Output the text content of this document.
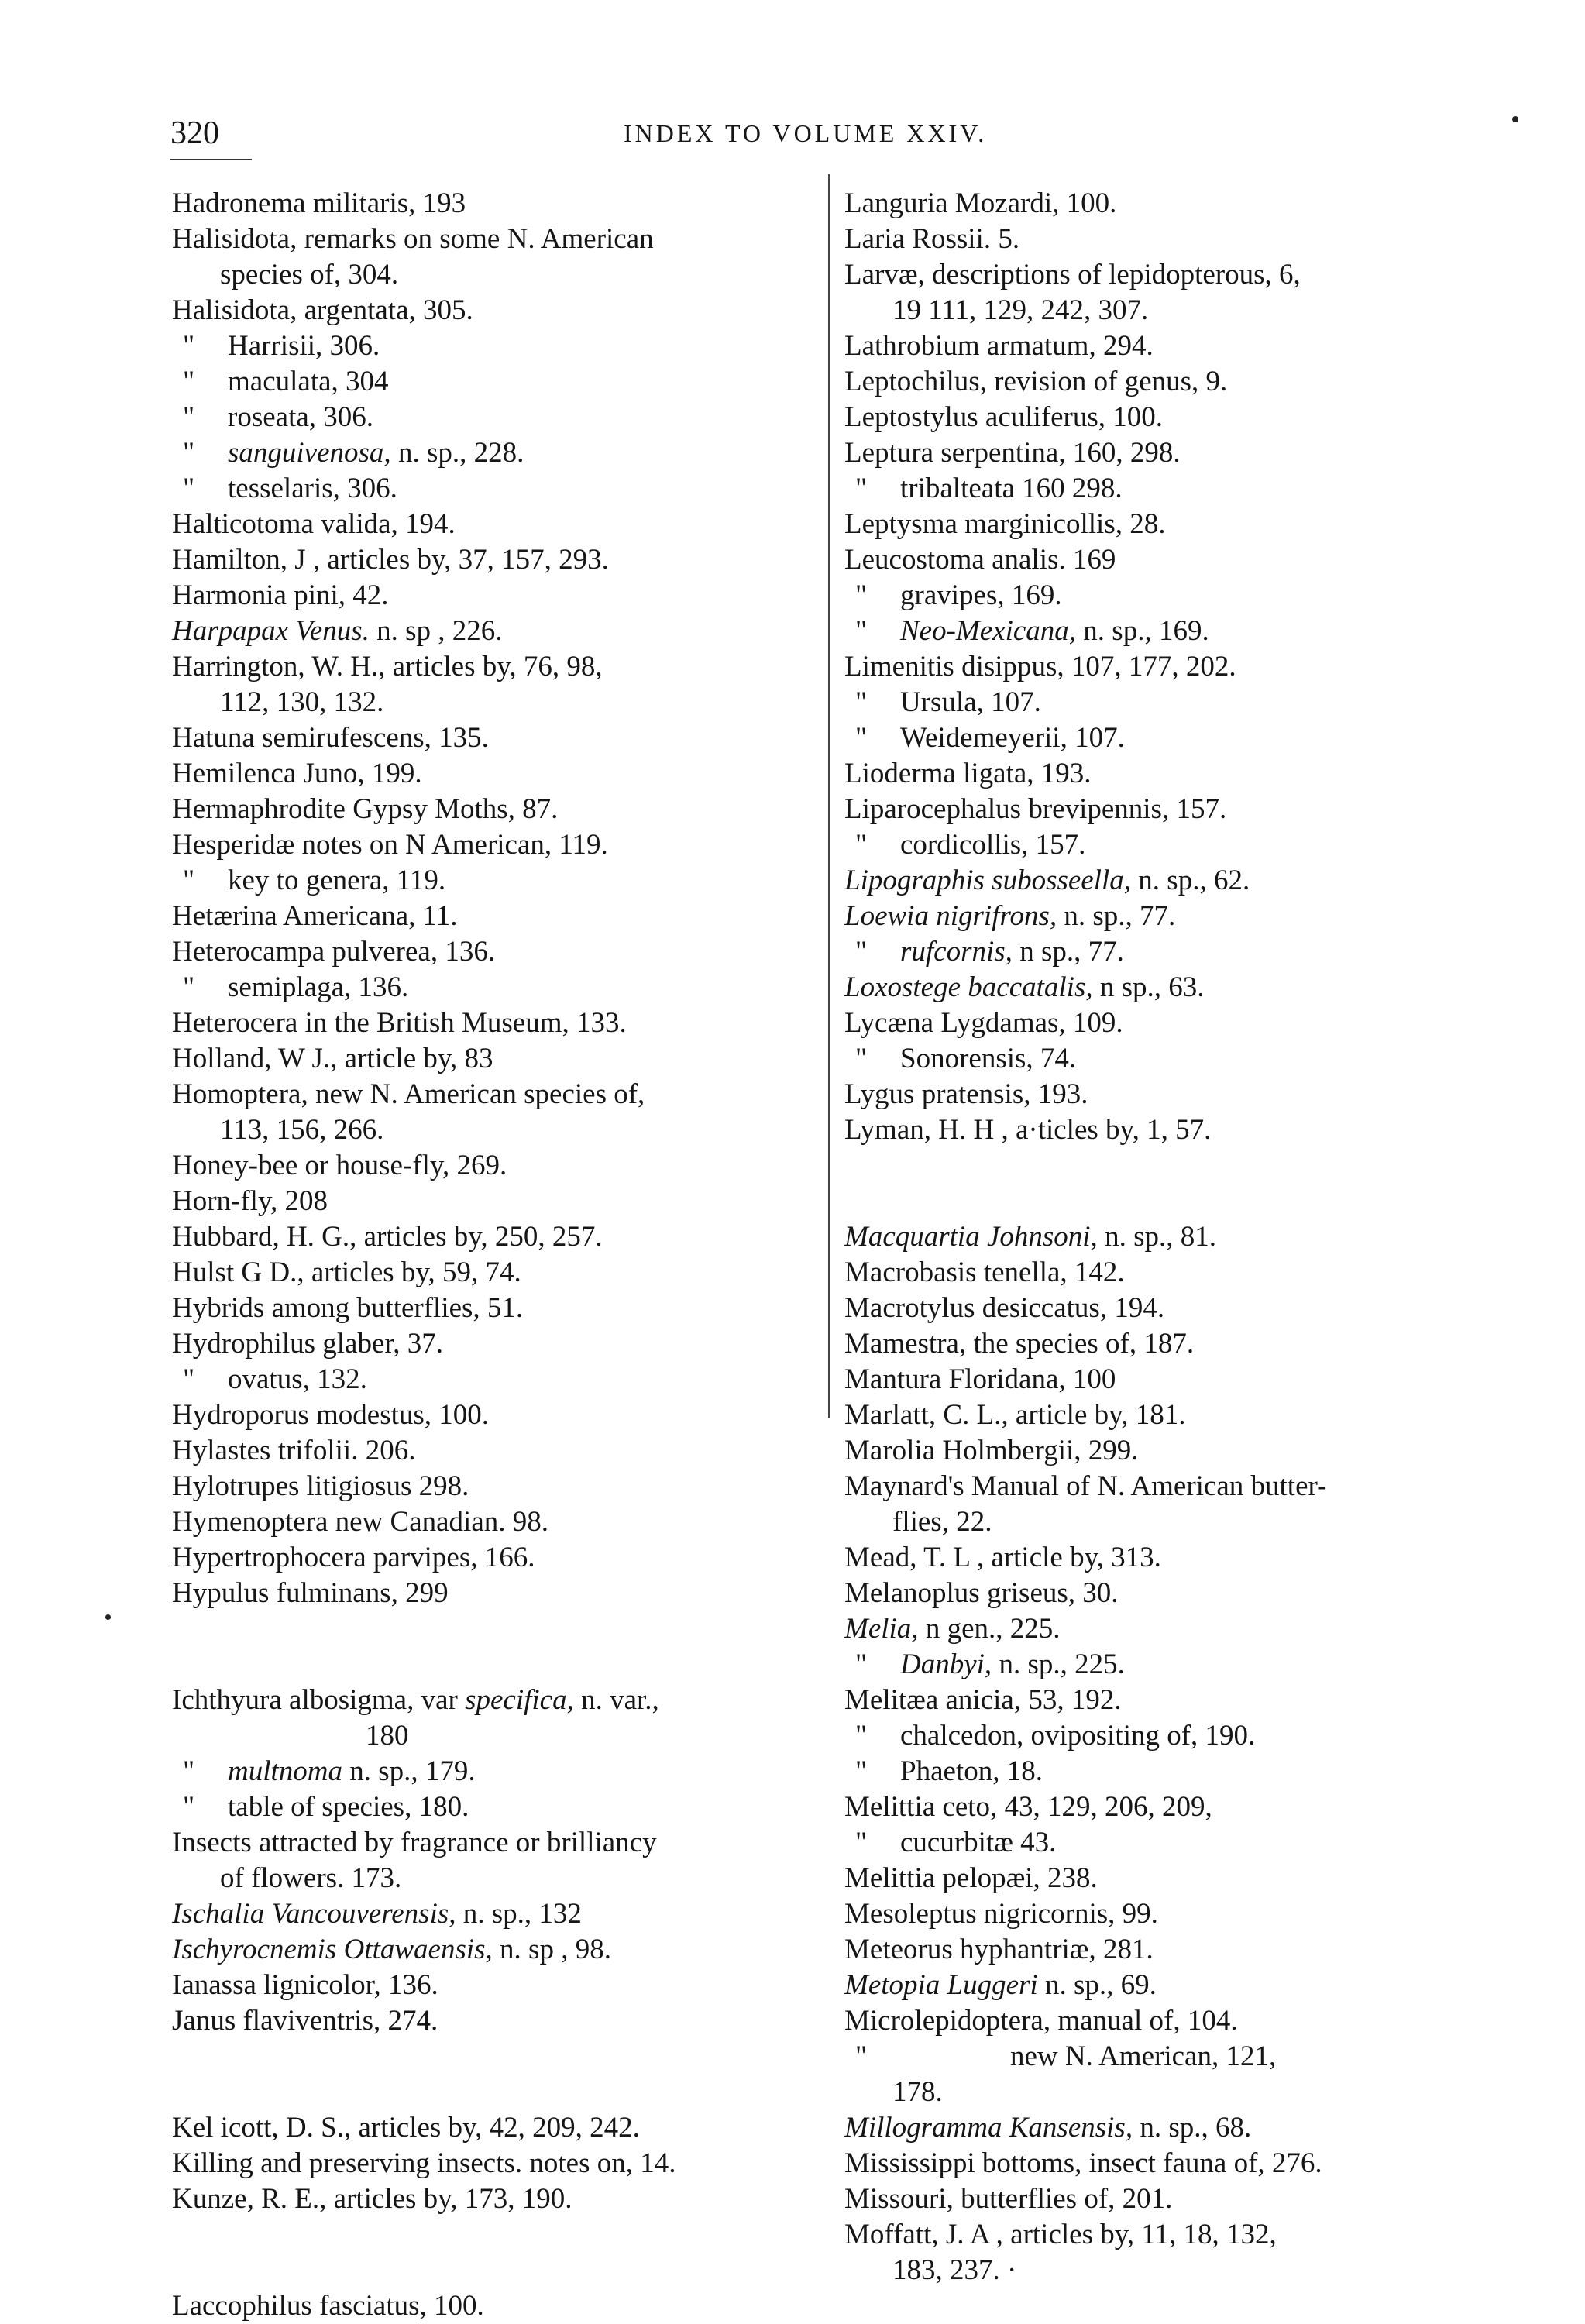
320	INDEX TO VOLUME XXIV.
Hadronema militaris, 193
Halisidota, remarks on some N. American
species of, 304.
Halisidota, argentata, 305.
" Harrisii, 306.
" maculata, 304
" roseata, 306.
" sanguivenosa, n. sp., 228.
" tesselaris, 306.
Halticotoma valida, 194.
Hamilton, J , articles by, 37, 157, 293.
Harmonia pini, 42.
Harpapax Venus. n. sp , 226.
Harrington, W. H., articles by, 76, 98,
112, 130, 132.
Hatuna semirufescens, 135.
Hemilenca Juno, 199.
Hermaphrodite Gypsy Moths, 87.
Hesperidæ notes on N American, 119.
" key to genera, 119.
Hetærina Americana, 11.
Heterocampa pulverea, 136.
" semiplaga, 136.
Heterocera in the British Museum, 133.
Holland, W J., article by, 83
Homoptera, new N. American species of,
113, 156, 266.
Honey-bee or house-fly, 269.
Horn-fly, 208
Hubbard, H. G., articles by, 250, 257.
Hulst G D., articles by, 59, 74.
Hybrids among butterflies, 51.
Hydrophilus glaber, 37.
" ovatus, 132.
Hydroporus modestus, 100.
Hylastes trifolii. 206.
Hylotrupes litigiosus 298.
Hymenoptera new Canadian. 98.
Hypertrophocera parvipes, 166.
Hypulus fulminans, 299
Ichthyura albosigma, var specifica, n. var.,
180
" multnoma n. sp., 179.
" table of species, 180.
Insects attracted by fragrance or brilliancy
of flowers. 173.
Ischalia Vancouverensis, n. sp., 132
Ischyrocnemis Ottawaensis, n. sp , 98.
Ianassa lignicolor, 136.
Janus flaviventris, 274.
Kel icott, D. S., articles by, 42, 209, 242.
Killing and preserving insects. notes on, 14.
Kunze, R. E., articles by, 173, 190.
Laccophilus fasciatus, 100.
Languria Mozardi, 100.
Laria Rossii. 5.
Larvæ, descriptions of lepidopterous, 6,
19 111, 129, 242, 307.
Lathrobium armatum, 294.
Leptochilus, revision of genus, 9.
Leptostylus aculiferus, 100.
Leptura serpentina, 160, 298.
" tribalteata 160 298.
Leptysma marginicollis, 28.
Leucostoma analis. 169
" gravipes, 169.
" Neo-Mexicana, n. sp., 169.
Limenitis disippus, 107, 177, 202.
" Ursula, 107.
" Weidemeyerii, 107.
Lioderma ligata, 193.
Liparocephalus brevipennis, 157.
" cordicollis, 157.
Lipographis subosseella, n. sp., 62.
Loewia nigrifrons, n. sp., 77.
" rufcornis, n sp., 77.
Loxostege baccatalis, n sp., 63.
Lycæna Lygdamas, 109.
" Sonorensis, 74.
Lygus pratensis, 193.
Lyman, H. H , a·ticles by, 1, 57.
Macquartia Johnsoni, n. sp., 81.
Macrobasis tenella, 142.
Macrotylus desiccatus, 194.
Mamestra, the species of, 187.
Mantura Floridana, 100
Marlatt, C. L., article by, 181.
Marolia Holmbergii, 299.
Maynard's Manual of N. American butter-
flies, 22.
Mead, T. L , article by, 313.
Melanoplus griseus, 30.
Melia, n gen., 225.
" Danbyi, n. sp., 225.
Melitæa anicia, 53, 192.
" chalcedon, ovipositing of, 190.
" Phaeton, 18.
Melittia ceto, 43, 129, 206, 209,
" cucurbitæ 43.
Melittia pelopæi, 238.
Mesoleptus nigricornis, 99.
Meteorus hyphantriæ, 281.
Metopia Luggeri n. sp., 69.
Microlepidoptera, manual of, 104.
"	new N. American, 121,
178.
Millogramma Kansensis, n. sp., 68.
Mississippi bottoms, insect fauna of, 276.
Missouri, butterflies of, 201.
Moffatt, J. A , articles by, 11, 18, 132,
183, 237. ·
